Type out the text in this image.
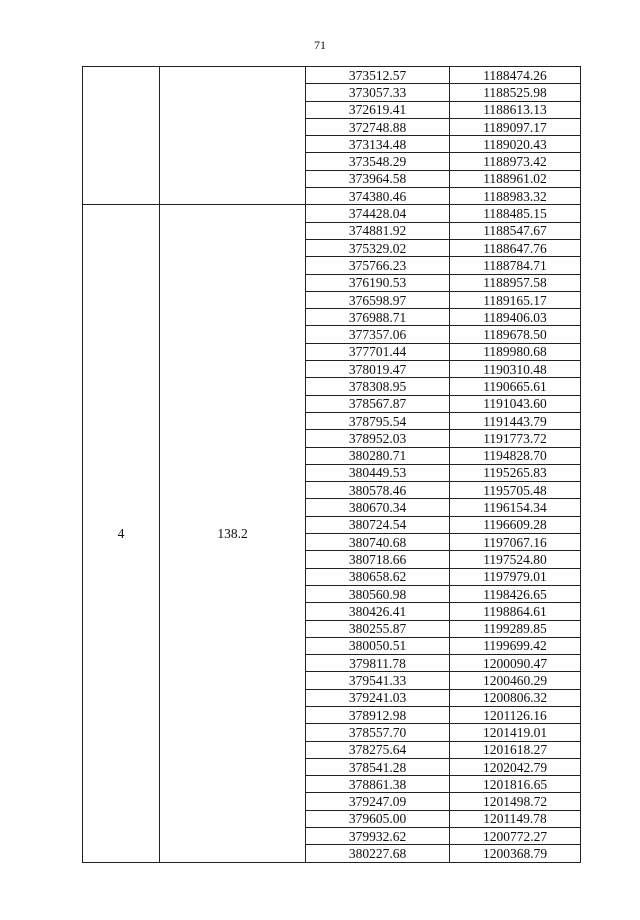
71
		373512.57	1188474.26
		373057.33	1188525.98
		372619.41	1188613.13
		372748.88	1189097.17
		373134.48	1189020.43
		373548.29	1188973.42
		373964.58	1188961.02
		374380.46	1188983.32
4	138.2	374428.04	1188485.15
		374881.92	1188547.67
		375329.02	1188647.76
		375766.23	1188784.71
		376190.53	1188957.58
		376598.97	1189165.17
		376988.71	1189406.03
		377357.06	1189678.50
		377701.44	1189980.68
		378019.47	1190310.48
		378308.95	1190665.61
		378567.87	1191043.60
		378795.54	1191443.79
		378952.03	1191773.72
		380280.71	1194828.70
		380449.53	1195265.83
		380578.46	1195705.48
		380670.34	1196154.34
		380724.54	1196609.28
		380740.68	1197067.16
		380718.66	1197524.80
		380658.62	1197979.01
		380560.98	1198426.65
		380426.41	1198864.61
		380255.87	1199289.85
		380050.51	1199699.42
		379811.78	1200090.47
		379541.33	1200460.29
		379241.03	1200806.32
		378912.98	1201126.16
		378557.70	1201419.01
		378275.64	1201618.27
		378541.28	1202042.79
		378861.38	1201816.65
		379247.09	1201498.72
		379605.00	1201149.78
		379932.62	1200772.27
		380227.68	1200368.79
